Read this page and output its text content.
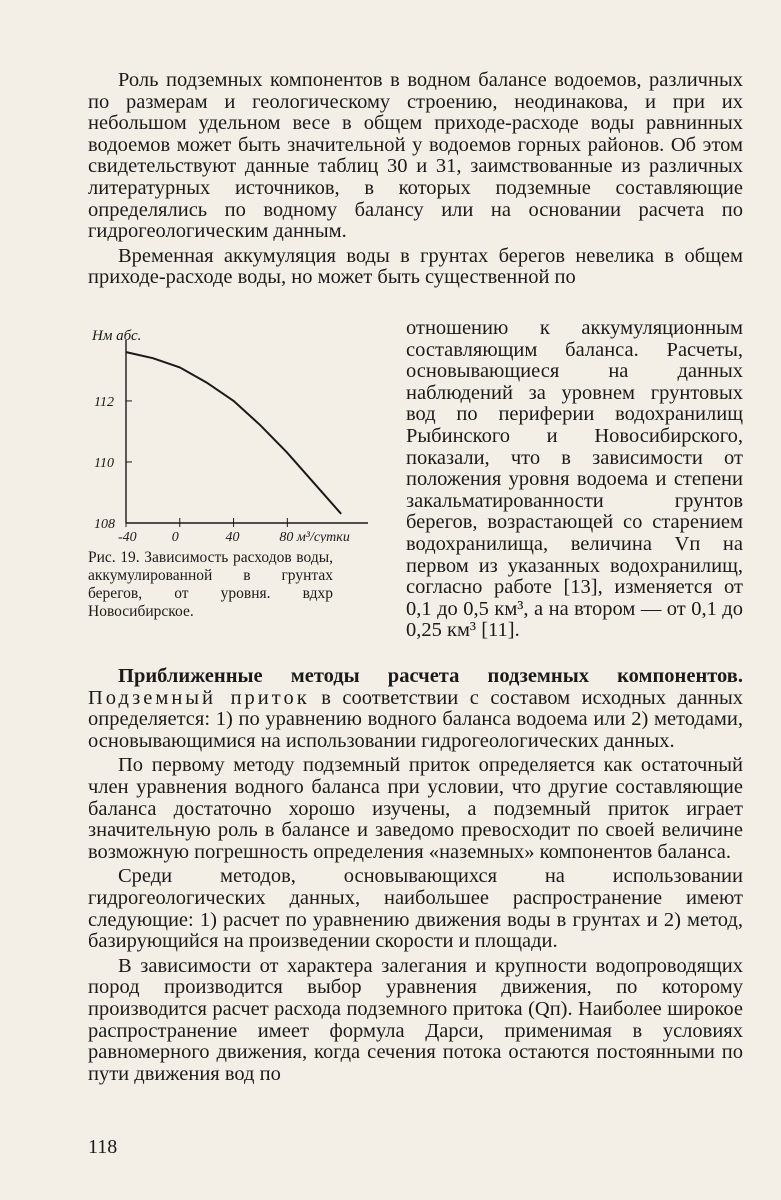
Роль подземных компонентов в водном балансе водоемов, различных по размерам и геологическому строению, неодинакова, и при их небольшом удельном весе в общем приходе-расходе воды равнинных водоемов может быть значительной у водоемов горных районов. Об этом свидетельствуют данные таблиц 30 и 31, заимствованные из различных литературных источников, в которых подземные составляющие определялись по водному балансу или на основании расчета по гидрогеологическим данным.

Временная аккумуляция воды в грунтах берегов невелика в общем приходе-расходе воды, но может быть существенной по

-40	0	40	80 м³/сутки
108
110
112
Нм абс.
Рис. 19. Зависимость расходов воды, аккумулированной в грунтах берегов, от уровня. вдхр Новосибирское.

отношению к аккумуляционным составляющим баланса. Расчеты, основывающиеся на данных наблюдений за уровнем грунтовых вод по периферии водохранилищ Рыбинского и Новосибирского, показали, что в зависимости от положения уровня водоема и степени закальматированности грунтов берегов, возрастающей со старением водохранилища, величина Vп на первом из указанных водохранилищ, согласно работе [13], изменяется от 0,1 до 0,5 км³, а на втором — от 0,1 до 0,25 км³ [11].

Приближенные методы расчета подземных компонентов. Подземный приток в соответствии с составом исходных данных определяется: 1) по уравнению водного баланса водоема или 2) методами, основывающимися на использовании гидрогеологических данных.

По первому методу подземный приток определяется как остаточный член уравнения водного баланса при условии, что другие составляющие баланса достаточно хорошо изучены, а подземный приток играет значительную роль в балансе и заведомо превосходит по своей величине возможную погрешность определения «наземных» компонентов баланса.

Среди методов, основывающихся на использовании гидрогеологических данных, наибольшее распространение имеют следующие: 1) расчет по уравнению движения воды в грунтах и 2) метод, базирующийся на произведении скорости и площади.

В зависимости от характера залегания и крупности водопроводящих пород производится выбор уравнения движения, по которому производится расчет расхода подземного притока (Qп). Наиболее широкое распространение имеет формула Дарси, применимая в условиях равномерного движения, когда сечения потока остаются постоянными по пути движения вод по

118
